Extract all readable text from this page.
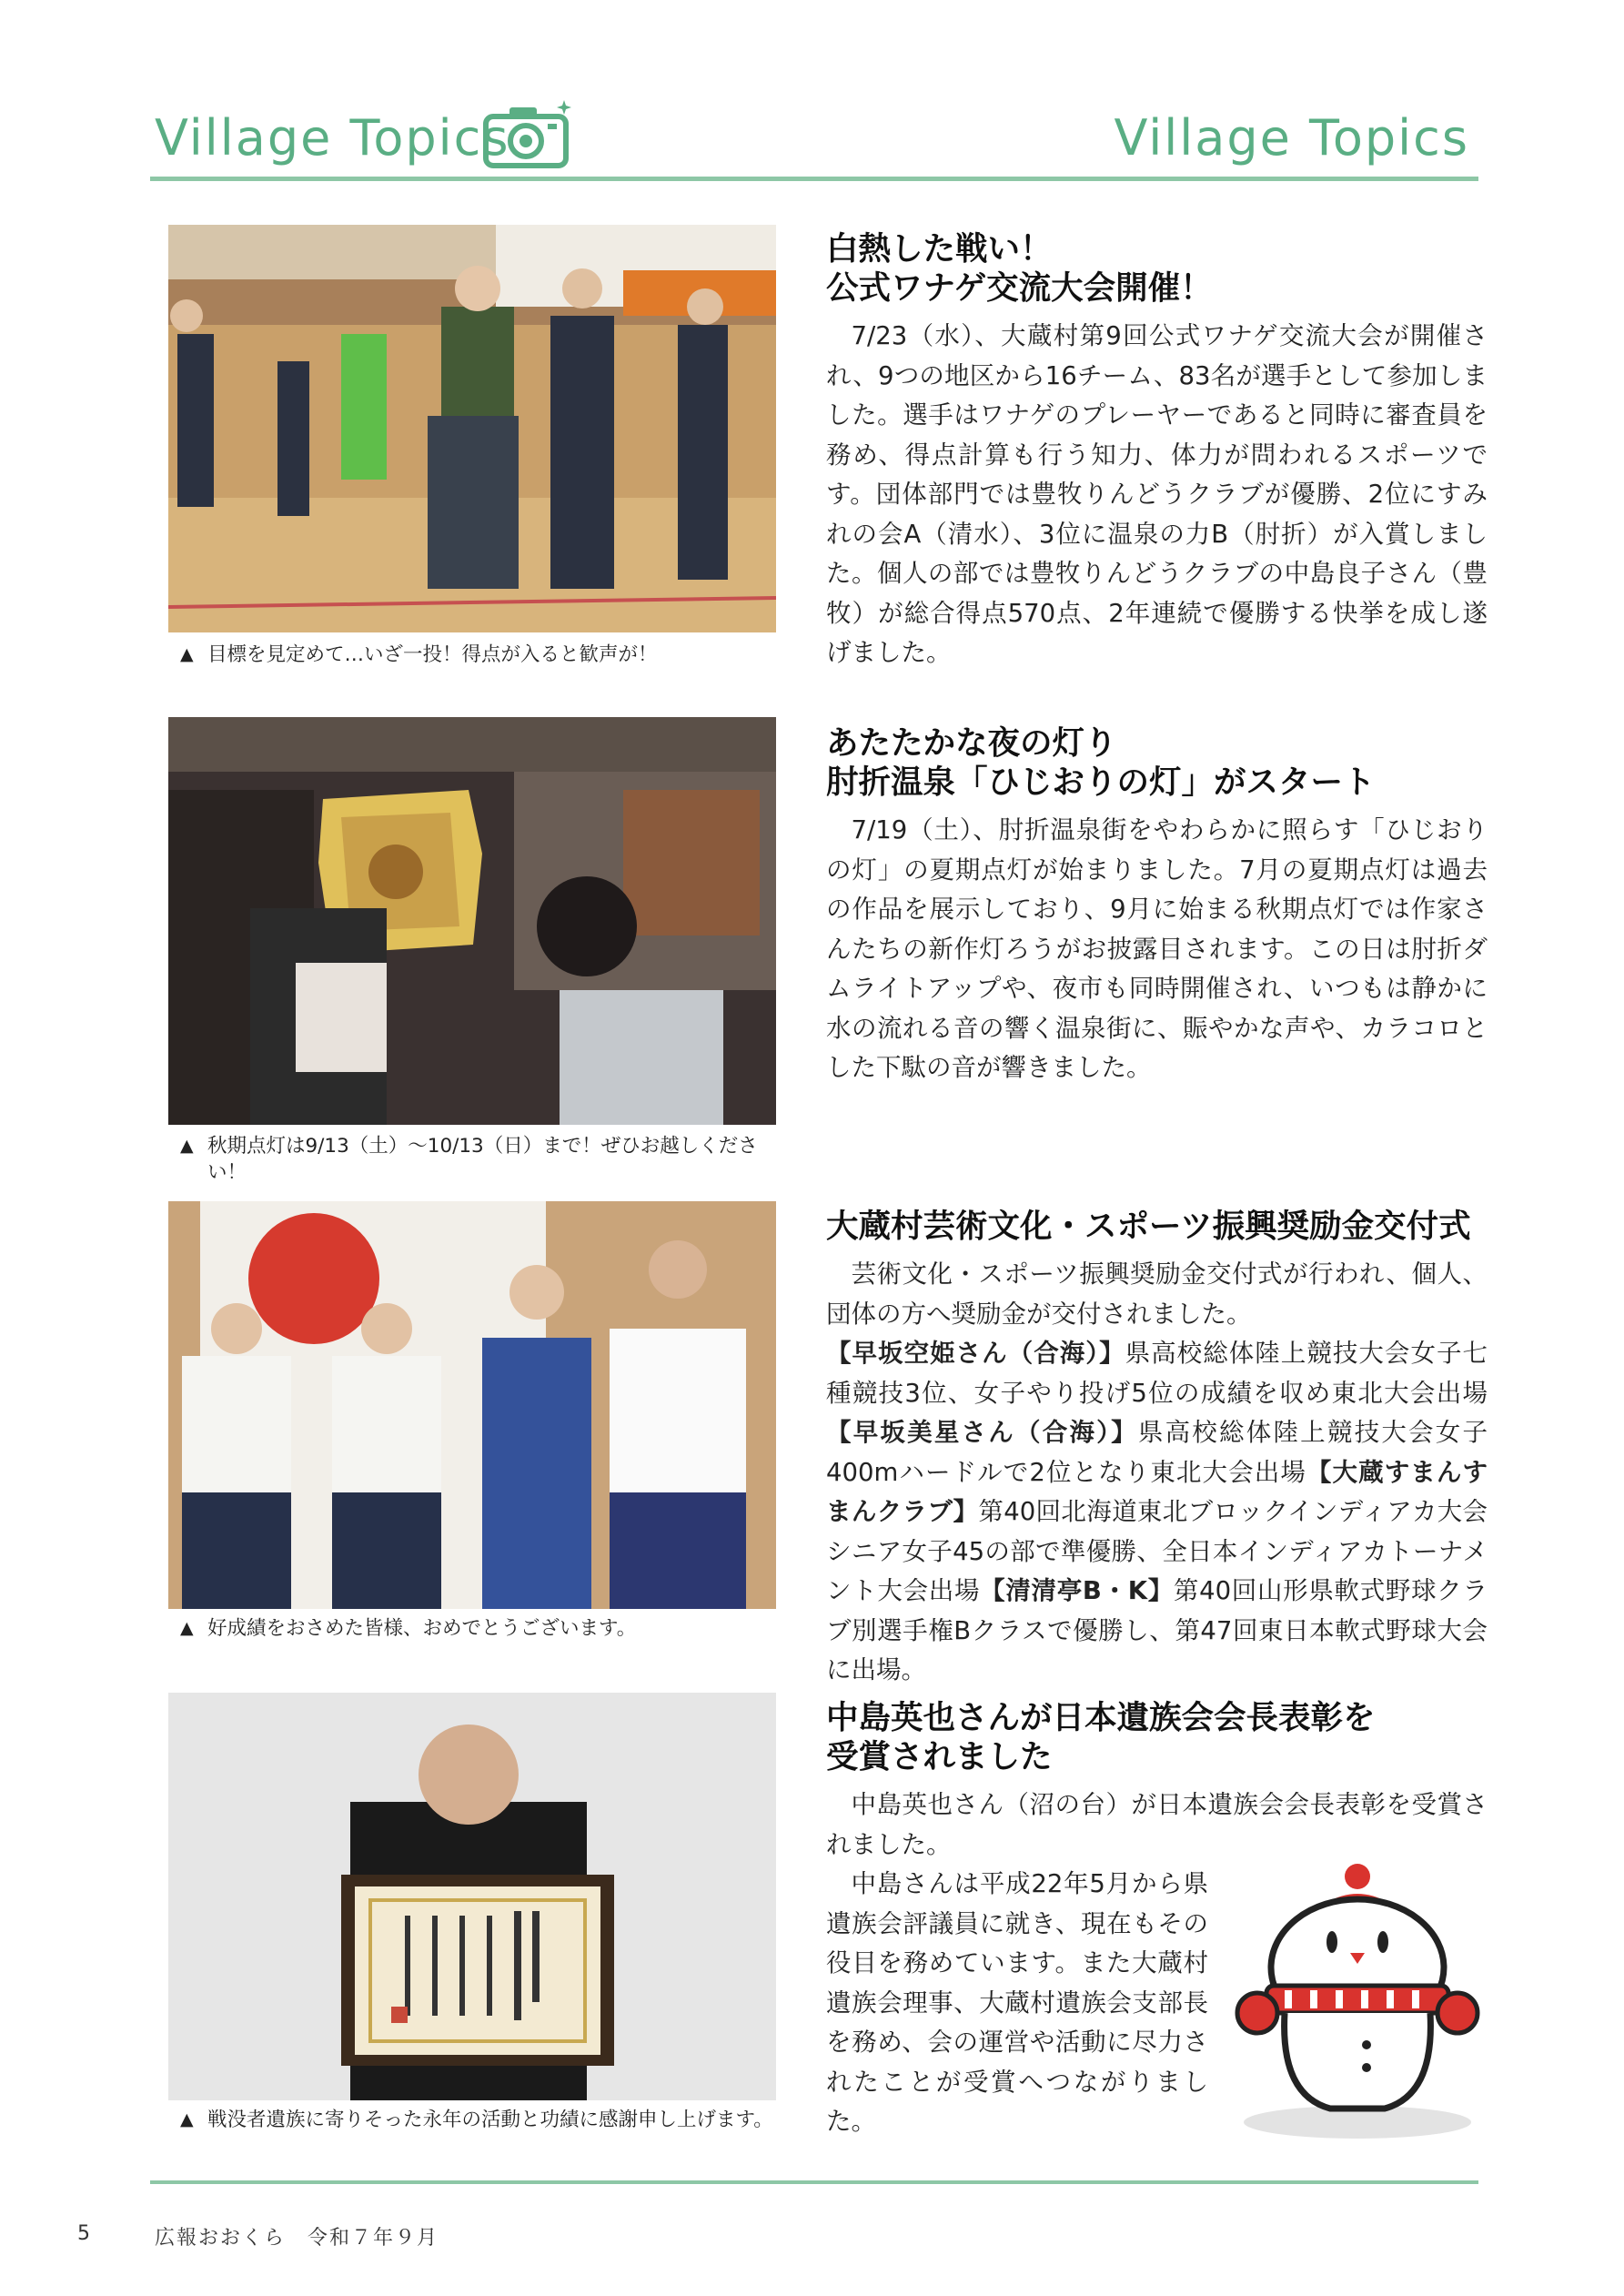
Village Topics	Village Topics
▲ 目標を見定めて…いざ一投！得点が入ると歓声が！
白熱した戦い！
公式ワナゲ交流大会開催！

7/23（水）、大蔵村第9回公式ワナゲ交流大会が開催され、9つの地区から16チーム、83名が選手として参加しました。選手はワナゲのプレーヤーであると同時に審査員を務め、得点計算も行う知力、体力が問われるスポーツです。団体部門では豊牧りんどうクラブが優勝、2位にすみれの会A（清水）、3位に温泉の力B（肘折）が入賞しました。個人の部では豊牧りんどうクラブの中島良子さん（豊牧）が総合得点570点、2年連続で優勝する快挙を成し遂げました。

▲ 秋期点灯は9/13（土）～10/13（日）まで！ぜひお越しください！
あたたかな夜の灯り
肘折温泉「ひじおりの灯」がスタート

7/19（土）、肘折温泉街をやわらかに照らす「ひじおりの灯」の夏期点灯が始まりました。7月の夏期点灯は過去の作品を展示しており、9月に始まる秋期点灯では作家さんたちの新作灯ろうがお披露目されます。この日は肘折ダムライトアップや、夜市も同時開催され、いつもは静かに水の流れる音の響く温泉街に、賑やかな声や、カラコロとした下駄の音が響きました。

▲ 好成績をおさめた皆様、おめでとうございます。
大蔵村芸術文化・スポーツ振興奨励金交付式

芸術文化・スポーツ振興奨励金交付式が行われ、個人、団体の方へ奨励金が交付されました。

【早坂空姫さん（合海）】県高校総体陸上競技大会女子七種競技3位、女子やり投げ5位の成績を収め東北大会出場【早坂美星さん（合海）】県高校総体陸上競技大会女子400mハードルで2位となり東北大会出場【大蔵すまんすまんクラブ】第40回北海道東北ブロックインディアカ大会シニア女子45の部で準優勝、全日本インディアカトーナメント大会出場【清清亭B・K】第40回山形県軟式野球クラブ別選手権Bクラスで優勝し、第47回東日本軟式野球大会に出場。
▲ 戦没者遺族に寄りそった永年の活動と功績に感謝申し上げます。
中島英也さんが日本遺族会会長表彰を
受賞されました

中島英也さん（沼の台）が日本遺族会会長表彰を受賞されました。

中島さんは平成22年5月から県遺族会評議員に就き、現在もその役目を務めています。また大蔵村遺族会理事、大蔵村遺族会支部長を務め、会の運営や活動に尽力されたことが受賞へつながりました。

5	広報おおくら　令和７年９月
